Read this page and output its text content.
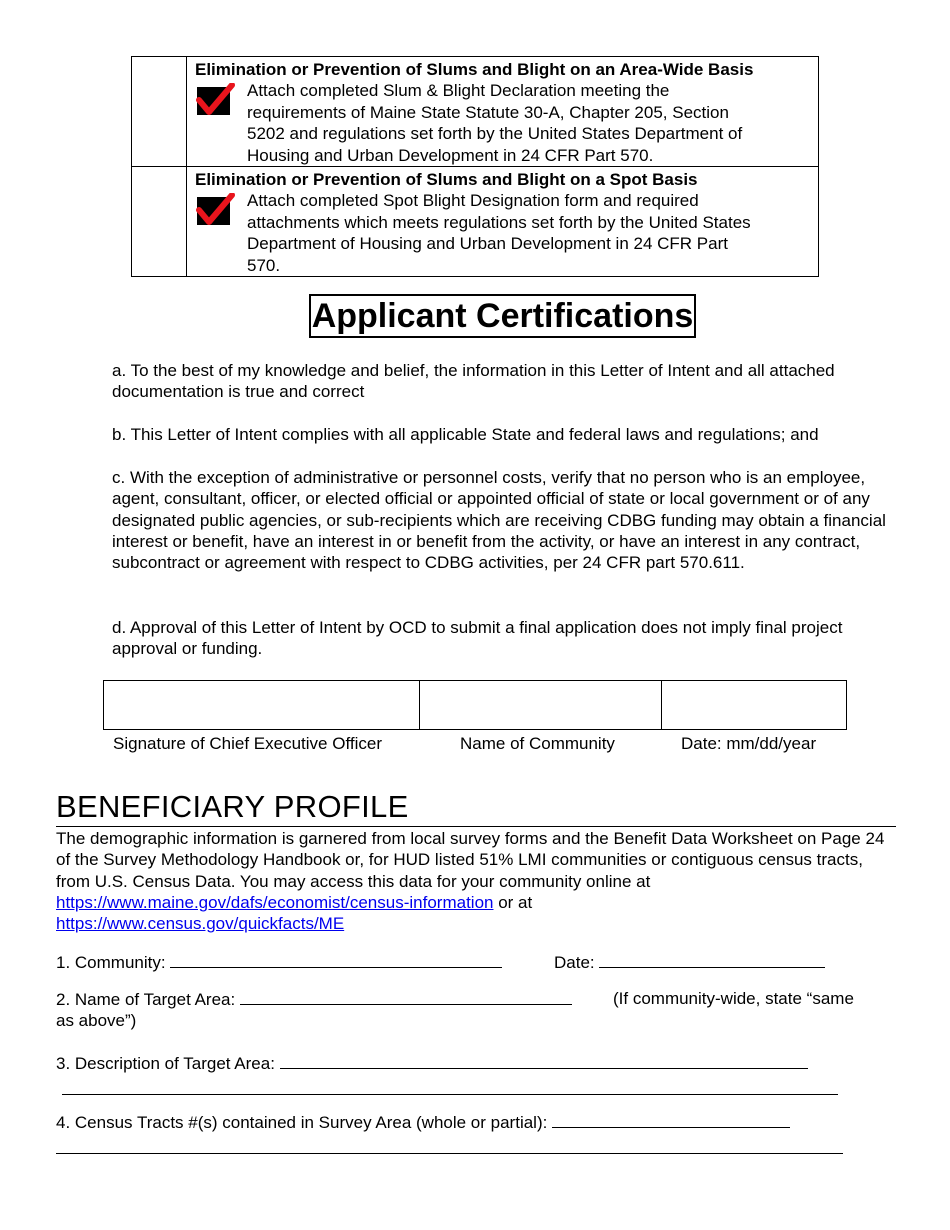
	Elimination or Prevention of Slums and Blight on an Area-Wide Basis
Attach completed Slum & Blight Declaration meeting the
requirements of Maine State Statute 30-A, Chapter 205, Section
5202 and regulations set forth by the United States Department of
Housing and Urban Development in 24 CFR Part 570.

	Elimination or Prevention of Slums and Blight on a Spot Basis
Attach completed Spot Blight Designation form and required
attachments which meets regulations set forth by the United States
Department of Housing and Urban Development in 24 CFR Part
570.
Applicant Certifications

a. To the best of my knowledge and belief, the information in this Letter of Intent and all attached documentation is true and correct

b. This Letter of Intent complies with all applicable State and federal laws and regulations; and

c. With the exception of administrative or personnel costs, verify that no person who is an employee, agent, consultant, officer, or elected official or appointed official of state or local government or of any designated public agencies, or sub-recipients which are receiving CDBG funding may obtain a financial interest or benefit, have an interest in or benefit from the activity, or have an interest in any contract, subcontract or agreement with respect to CDBG activities, per 24 CFR part 570.611.

d. Approval of this Letter of Intent by OCD to submit a final application does not imply final project approval or funding.

Signature of Chief Executive Officer	Name of Community	Date: mm/dd/year
BENEFICIARY PROFILE

The demographic information is garnered from local survey forms and the Benefit Data Worksheet on Page 24 of the Survey Methodology Handbook or, for HUD listed 51% LMI communities or contiguous census tracts, from U.S. Census Data. You may access this data for your community online at https://www.maine.gov/dafs/economist/census-information or at
https://www.census.gov/quickfacts/ME

1. Community:	Date:
2. Name of Target Area:	(If community-wide, state “same
as above”)
3. Description of Target Area:
4. Census Tracts #(s) contained in Survey Area (whole or partial):
